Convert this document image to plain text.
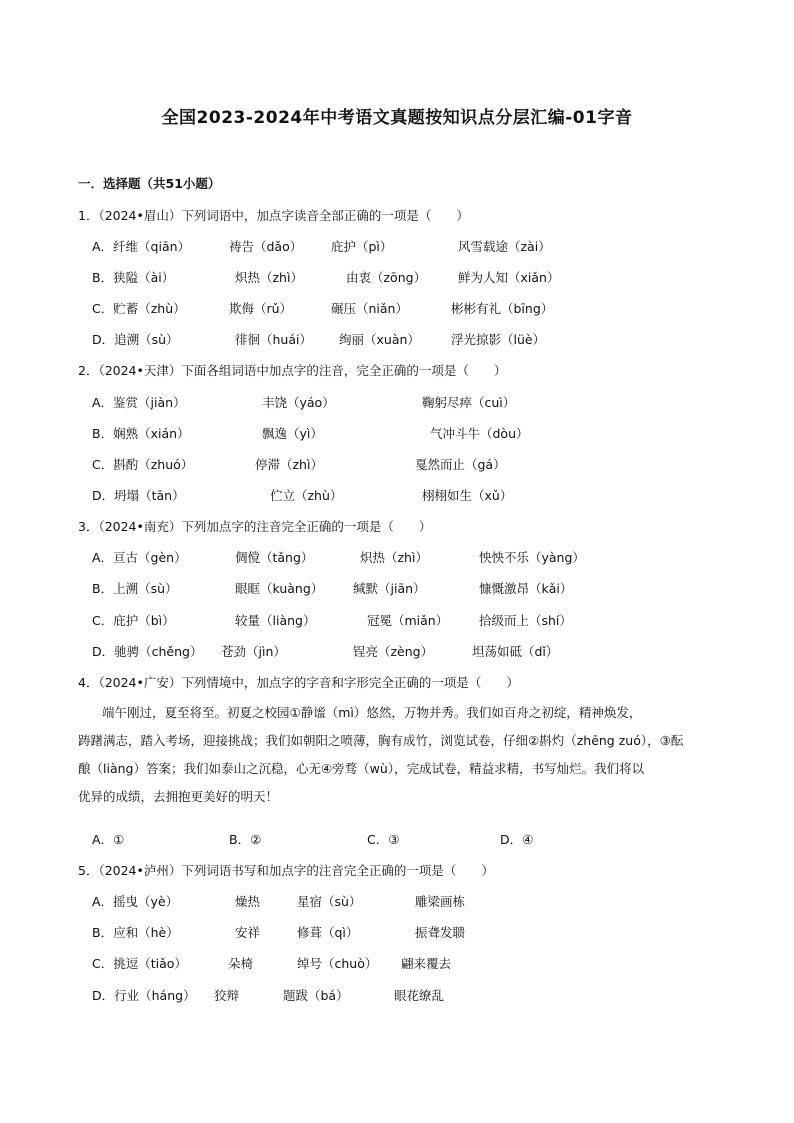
全国2023-2024年中考语文真题按知识点分层汇编-01字音
一．选择题（共51小题）
1．（2024•眉山）下列词语中，加点字读音全部正确的一项是（　　）
A．纤维（qiān）	祷告（dǎo） 庇护（pì）	风雪载途（zài）
B．狭隘（ài）	炽热（zhì）	由衷（zōng）	鲜为人知（xiǎn）
C．贮蓄（zhù）	欺侮（rǔ）	碾压（niǎn）	彬彬有礼（bīng）
D．追溯（sù）	徘徊（huái） 绚丽（xuàn） 浮光掠影（lüè）
2．（2024•天津）下面各组词语中加点字的注音，完全正确的一项是（　　）
A．鉴赏（jiàn）	丰饶（yáo）	鞠躬尽瘁（cuì）
B．娴熟（xián）	飘逸（yì）	气冲斗牛（dòu）
C．斟酌（zhuó）	停滞（zhì）	戛然而止（gá）
D．坍塌（tān）	伫立（zhù）	栩栩如生（xǔ）
3．（2024•南充）下列加点字的注音完全正确的一项是（　　）
A．亘古（gèn）	倜傥（tǎng）	炽热（zhì）	怏怏不乐（yàng）
B．上溯（sù）	眼眶（kuàng） 缄默（jiān）	慷慨激昂（kǎi）
C．庇护（bì）	较量（liàng）	冠冕（miǎn） 拾级而上（shí）
D．驰骋（chěng） 苍劲（jìn）	锃亮（zèng）	坦荡如砥（dǐ）
4．（2024•广安）下列情境中，加点字的字音和字形完全正确的一项是（　　）
端午刚过，夏至将至。初夏之校园①静谧（mì）悠然，万物并秀。我们如百舟之初绽，精神焕发，
踌躇满志，踏入考场，迎接挑战；我们如朝阳之喷薄，胸有成竹，浏览试卷，仔细②斟灼（zhēng zuó），③酝
酿（liàng）答案；我们如泰山之沉稳，心无④旁骛（wù），完成试卷，精益求精，书写灿烂。我们将以
优异的成绩，去拥抱更美好的明天！
A．①	B．②	C．③	D．④
5．（2024•泸州）下列词语书写和加点字的注音完全正确的一项是（　　）
A．摇曳（yè）	燥热	星宿（sù）	雕梁画栋
B．应和（hè）	安祥	修葺（qì）	振聋发聩
C．挑逗（tiǎo）	朵椅	绰号（chuò） 翩来覆去
D．行业（háng） 狡辩	题跋（bá）	眼花缭乱
